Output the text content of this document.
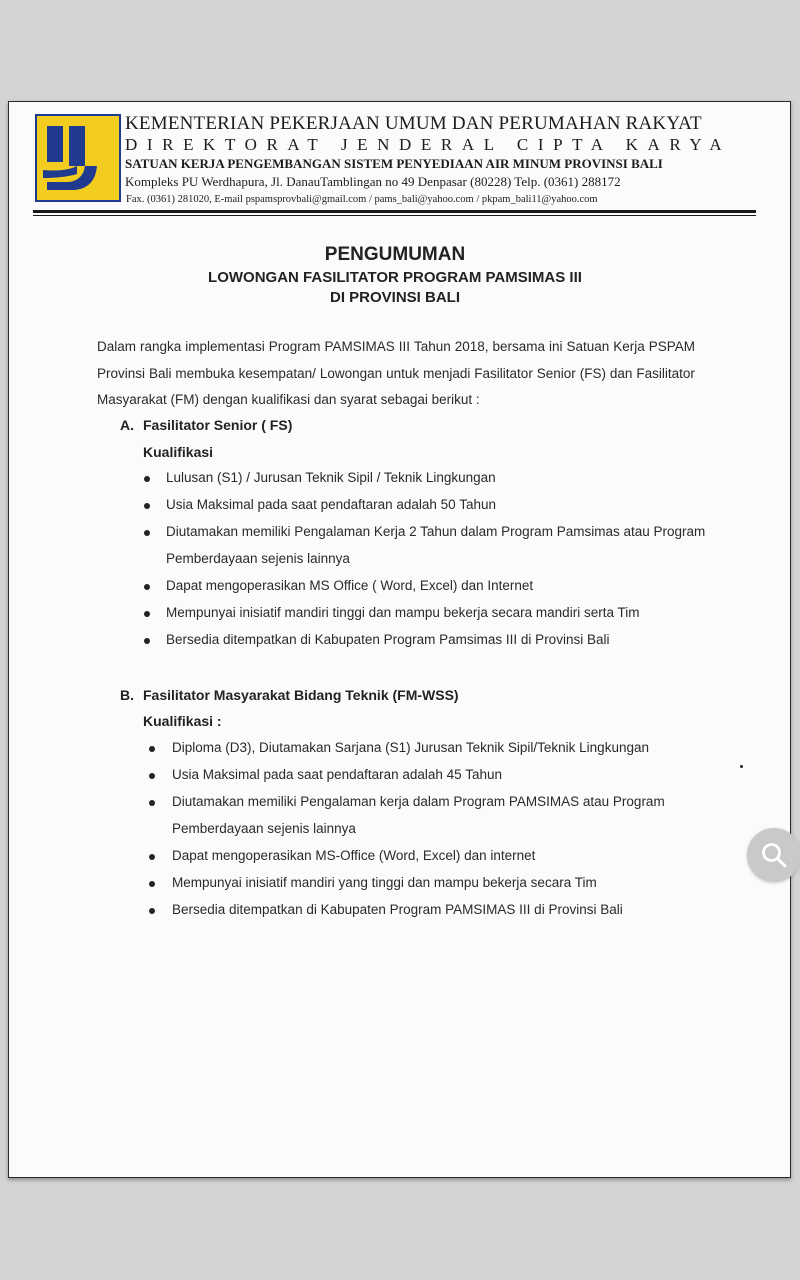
KEMENTERIAN PEKERJAAN UMUM DAN PERUMAHAN RAKYAT
DIREKTORAT JENDERAL CIPTA KARYA
SATUAN KERJA PENGEMBANGAN SISTEM PENYEDIAAN AIR MINUM PROVINSI BALI
Kompleks PU Werdhapura, Jl. DanauTamblingan no 49 Denpasar (80228) Telp. (0361) 288172
Fax. (0361) 281020, E-mail pspamsprovbali@gmail.com / pams_bali@yahoo.com / pkpam_bali11@yahoo.com
PENGUMUMAN
LOWONGAN FASILITATOR PROGRAM PAMSIMAS III
DI PROVINSI BALI
Dalam rangka implementasi Program PAMSIMAS III Tahun 2018, bersama ini Satuan Kerja PSPAM
Provinsi Bali membuka kesempatan/ Lowongan untuk menjadi Fasilitator Senior (FS) dan Fasilitator
Masyarakat (FM) dengan kualifikasi dan syarat sebagai berikut :
A. Fasilitator Senior ( FS)
Kualifikasi
Lulusan (S1) / Jurusan Teknik Sipil / Teknik Lingkungan
Usia Maksimal pada saat pendaftaran adalah 50 Tahun
Diutamakan memiliki Pengalaman Kerja 2 Tahun dalam Program Pamsimas atau Program
Pemberdayaan sejenis lainnya
Dapat mengoperasikan MS Office ( Word, Excel) dan Internet
Mempunyai inisiatif mandiri tinggi dan mampu bekerja secara mandiri serta Tim
Bersedia ditempatkan di Kabupaten Program Pamsimas III di Provinsi Bali
B. Fasilitator Masyarakat Bidang Teknik (FM-WSS)
Kualifikasi :
Diploma (D3), Diutamakan Sarjana (S1) Jurusan Teknik Sipil/Teknik Lingkungan
Usia Maksimal pada saat pendaftaran adalah 45 Tahun
Diutamakan memiliki Pengalaman kerja dalam Program PAMSIMAS atau Program
Pemberdayaan sejenis lainnya
Dapat mengoperasikan MS-Office (Word, Excel) dan internet
Mempunyai inisiatif mandiri yang tinggi dan mampu bekerja secara Tim
Bersedia ditempatkan di Kabupaten Program PAMSIMAS III di Provinsi Bali
